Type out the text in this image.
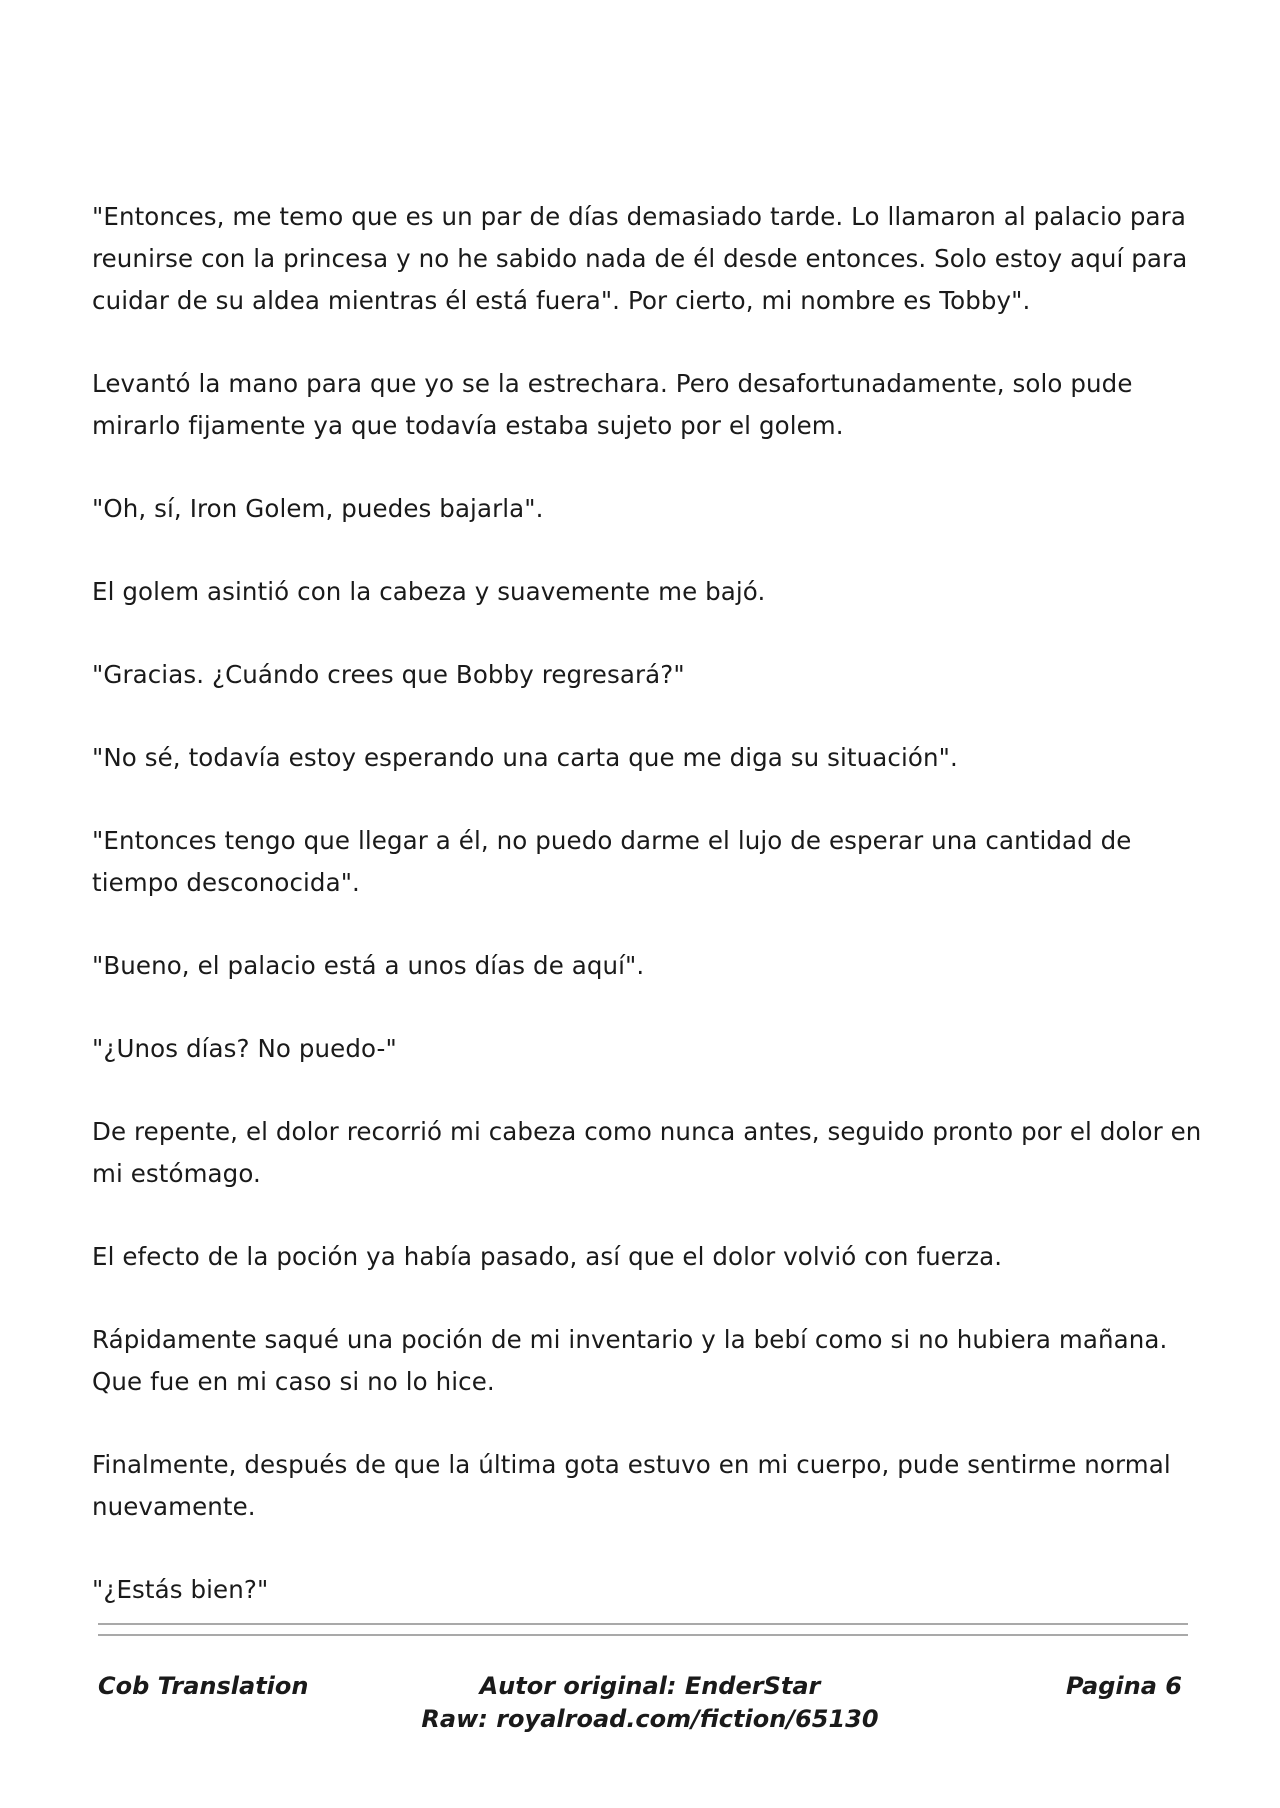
"Entonces, me temo que es un par de días demasiado tarde. Lo llamaron al palacio para reunirse con la princesa y no he sabido nada de él desde entonces. Solo estoy aquí para cuidar de su aldea mientras él está fuera". Por cierto, mi nombre es Tobby".

Levantó la mano para que yo se la estrechara. Pero desafortunadamente, solo pude mirarlo fijamente ya que todavía estaba sujeto por el golem.

"Oh, sí, Iron Golem, puedes bajarla".

El golem asintió con la cabeza y suavemente me bajó.

"Gracias. ¿Cuándo crees que Bobby regresará?"

"No sé, todavía estoy esperando una carta que me diga su situación".

"Entonces tengo que llegar a él, no puedo darme el lujo de esperar una cantidad de tiempo desconocida".

"Bueno, el palacio está a unos días de aquí".

"¿Unos días? No puedo-"

De repente, el dolor recorrió mi cabeza como nunca antes, seguido pronto por el dolor en mi estómago.

El efecto de la poción ya había pasado, así que el dolor volvió con fuerza.

Rápidamente saqué una poción de mi inventario y la bebí como si no hubiera mañana. Que fue en mi caso si no lo hice.

Finalmente, después de que la última gota estuvo en mi cuerpo, pude sentirme normal nuevamente.

"¿Estás bien?"

Cob Translation	Autor original: EnderStar
Raw: royalroad.com/fiction/65130
Pagina 6
